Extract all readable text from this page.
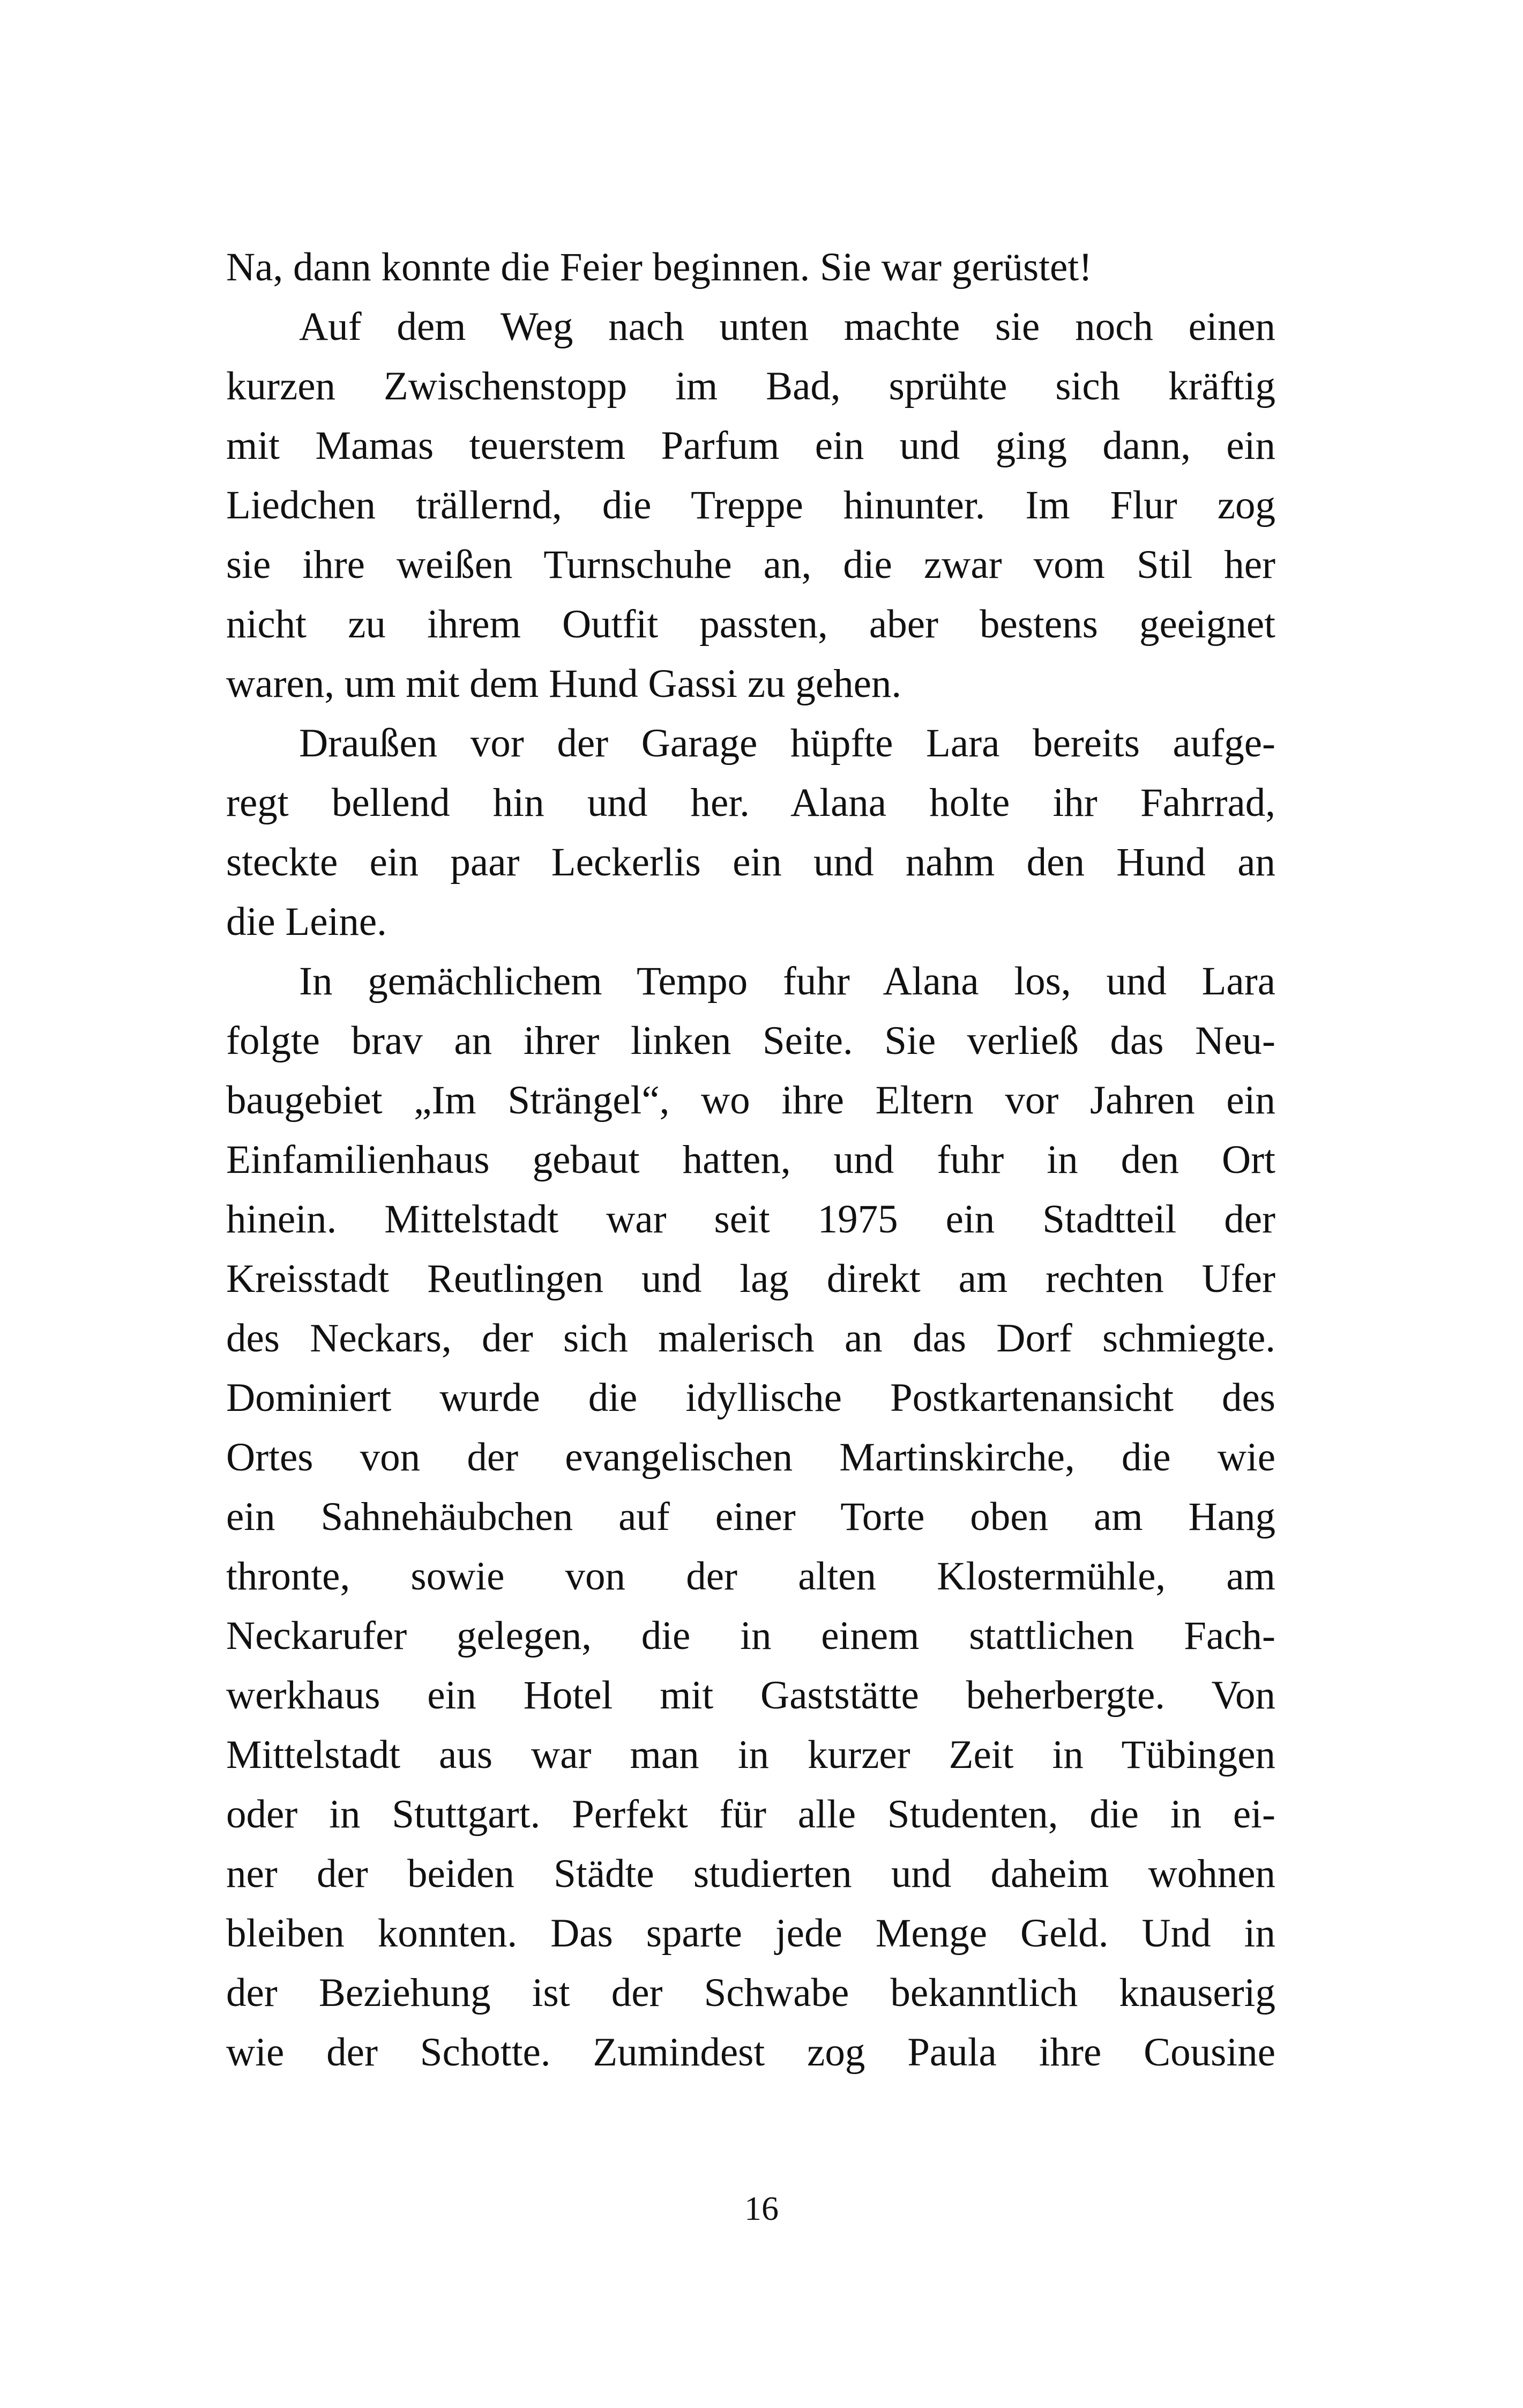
Na, dann konnte die Feier beginnen. Sie war gerüstet!
Auf dem Weg nach unten machte sie noch einen
kurzen Zwischenstopp im Bad, sprühte sich kräftig
mit Mamas teuerstem Parfum ein und ging dann, ein
Liedchen trällernd, die Treppe hinunter. Im Flur zog
sie ihre weißen Turnschuhe an, die zwar vom Stil her
nicht zu ihrem Outfit passten, aber bestens geeignet
waren, um mit dem Hund Gassi zu gehen.
Draußen vor der Garage hüpfte Lara bereits aufge-
regt bellend hin und her. Alana holte ihr Fahrrad,
steckte ein paar Leckerlis ein und nahm den Hund an
die Leine.
In gemächlichem Tempo fuhr Alana los, und Lara
folgte brav an ihrer linken Seite. Sie verließ das Neu-
baugebiet „Im Strängel“, wo ihre Eltern vor Jahren ein
Einfamilienhaus gebaut hatten, und fuhr in den Ort
hinein. Mittelstadt war seit 1975 ein Stadtteil der
Kreisstadt Reutlingen und lag direkt am rechten Ufer
des Neckars, der sich malerisch an das Dorf schmiegte.
Dominiert wurde die idyllische Postkartenansicht des
Ortes von der evangelischen Martinskirche, die wie
ein Sahnehäubchen auf einer Torte oben am Hang
thronte, sowie von der alten Klostermühle, am
Neckarufer gelegen, die in einem stattlichen Fach-
werkhaus ein Hotel mit Gaststätte beherbergte. Von
Mittelstadt aus war man in kurzer Zeit in Tübingen
oder in Stuttgart. Perfekt für alle Studenten, die in ei-
ner der beiden Städte studierten und daheim wohnen
bleiben konnten. Das sparte jede Menge Geld. Und in
der Beziehung ist der Schwabe bekanntlich knauserig
wie der Schotte. Zumindest zog Paula ihre Cousine
16
